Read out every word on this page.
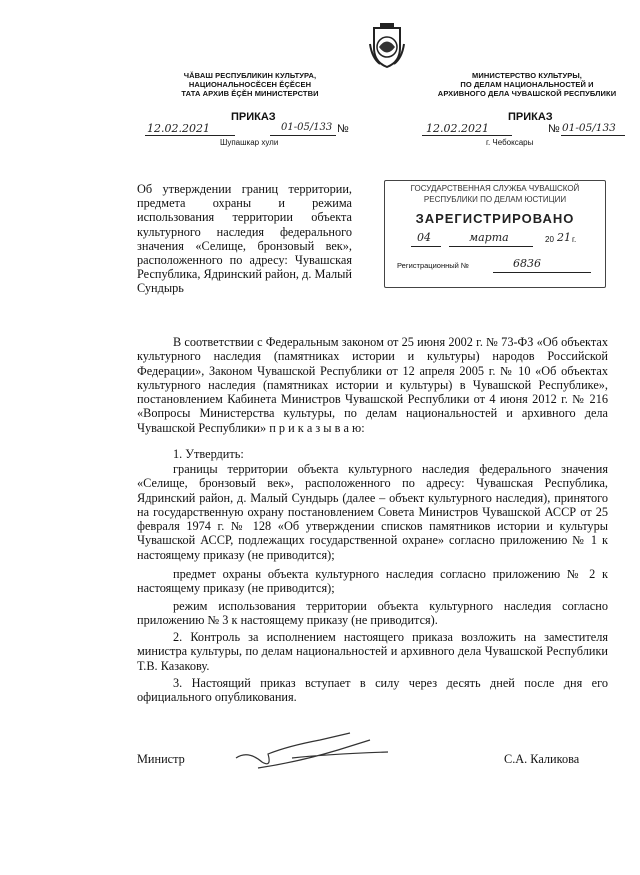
ЧĂВАШ РЕСПУБЛИКИН КУЛЬТУРА,
НАЦИОНАЛЬНОСĔСЕН ĔÇĔСЕН
ТАТА АРХИВ ĔÇĔН МИНИСТЕРСТВИ
ПРИКАЗ
12.02.2021	01-05/133 №
Шупашкар хули
МИНИСТЕРСТВО КУЛЬТУРЫ,
ПО ДЕЛАМ НАЦИОНАЛЬНОСТЕЙ И
АРХИВНОГО ДЕЛА ЧУВАШСКОЙ РЕСПУБЛИКИ
ПРИКАЗ
12.02.2021	№ 01-05/133
г. Чебоксары
Об утверждении границ территории, предмета охраны и режима использования территории объекта культурного наследия федерального значения «Селище, бронзовый век», расположенного по адресу: Чувашская Республика, Ядринский район, д. Малый Сундырь
ГОСУДАРСТВЕННАЯ СЛУЖБА ЧУВАШСКОЙ
РЕСПУБЛИКИ ПО ДЕЛАМ ЮСТИЦИИ
ЗАРЕГИСТРИРОВАНО
04	марта	20 21 г.
Регистрационный №	6836
В соответствии с Федеральным законом от 25 июня 2002 г. № 73-ФЗ «Об объектах культурного наследия (памятниках истории и культуры) народов Российской Федерации», Законом Чувашской Республики от 12 апреля 2005 г. № 10 «Об объектах культурного наследия (памятниках истории и культуры) в Чувашской Республике», постановлением Кабинета Министров Чувашской Республики от 4 июня 2012 г. № 216 «Вопросы Министерства культуры, по делам национальностей и архивного дела Чувашской Республики» п р и к а з ы в а ю:
1. Утвердить:
границы территории объекта культурного наследия федерального значения «Селище, бронзовый век», расположенного по адресу: Чувашская Республика, Ядринский район, д. Малый Сундырь (далее – объект культурного наследия), принятого на государственную охрану постановлением Совета Министров Чувашской АССР от 25 февраля 1974 г. № 128 «Об утверждении списков памятников истории и культуры Чувашской АССР, подлежащих государственной охране» согласно приложению № 1 к настоящему приказу (не приводится);
предмет охраны объекта культурного наследия согласно приложению № 2 к настоящему приказу (не приводится);
режим использования территории объекта культурного наследия согласно приложению № 3 к настоящему приказу (не приводится).
2. Контроль за исполнением настоящего приказа возложить на заместителя министра культуры, по делам национальностей и архивного дела Чувашской Республики Т.В. Казакову.
3. Настоящий приказ вступает в силу через десять дней после дня его официального опубликования.
Министр	С.А. Каликова
